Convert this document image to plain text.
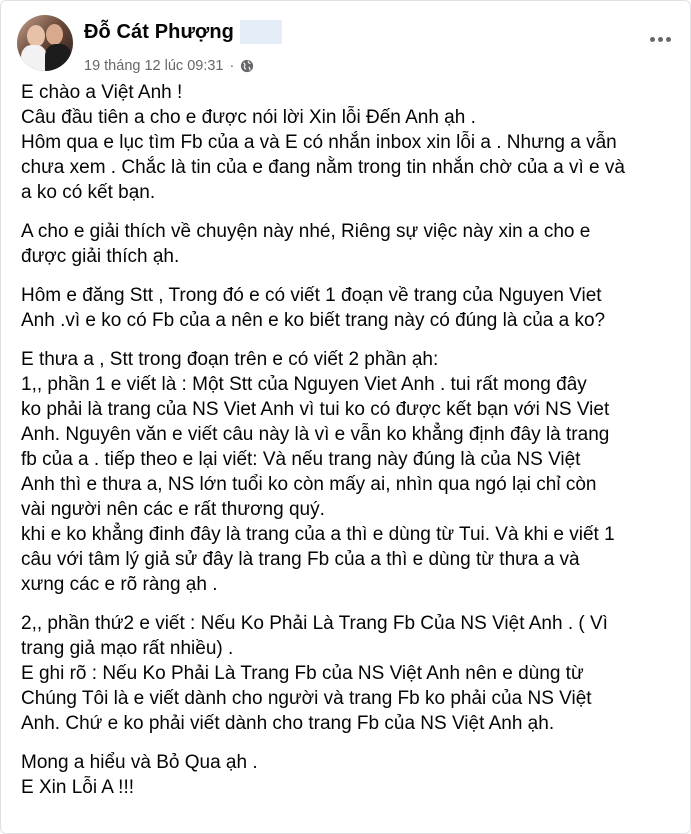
Đỗ Cát Phượng
19 tháng 12 lúc 09:31 ·
E chào a Việt Anh !
Câu đầu tiên a cho e được nói lời Xin lỗi Đến Anh ạh .
Hôm qua e lục tìm Fb của a và E có nhắn inbox xin lỗi a . Nhưng a vẫn
chưa xem . Chắc là tin của e đang nằm trong tin nhắn chờ của a vì e và
a ko có kết bạn.
A cho e giải thích về chuyện này nhé, Riêng sự việc này xin a cho e
được giải thích ạh.
Hôm e đăng Stt , Trong đó e có viết 1 đoạn về trang của Nguyen Viet
Anh .vì e ko có Fb của a nên e ko biết trang này có đúng là của a ko?
E thưa a , Stt trong đoạn trên e có viết 2 phần ạh:
1,, phần 1 e viết là : Một Stt của Nguyen Viet Anh . tui rất mong đây
ko phải là trang của NS Viet Anh vì tui ko có được kết bạn với NS Viet
Anh. Nguyên văn e viết câu này là vì e vẫn ko khẳng định đây là trang
fb của a . tiếp theo e lại viết: Và nếu trang này đúng là của NS Việt
Anh thì e thưa a, NS lớn tuổi ko còn mấy ai, nhìn qua ngó lại chỉ còn
vài người nên các e rất thương quý.
khi e ko khẳng đinh đây là trang của a thì e dùng từ Tui. Và khi e viết 1
câu với tâm lý giả sử đây là trang Fb của a thì e dùng từ thưa a và
xưng các e rõ ràng ạh .
2,, phần thứ2 e viết : Nếu Ko Phải Là Trang Fb Của NS Việt Anh . ( Vì
trang giả mạo rất nhiều) .
E ghi rõ : Nếu Ko Phải Là Trang Fb của NS Việt Anh nên e dùng từ
Chúng Tôi là e viết dành cho người và trang Fb ko phải của NS Việt
Anh. Chứ e ko phải viết dành cho trang Fb của NS Việt Anh ạh.
Mong a hiểu và Bỏ Qua ạh .
E Xin Lỗi A !!!
